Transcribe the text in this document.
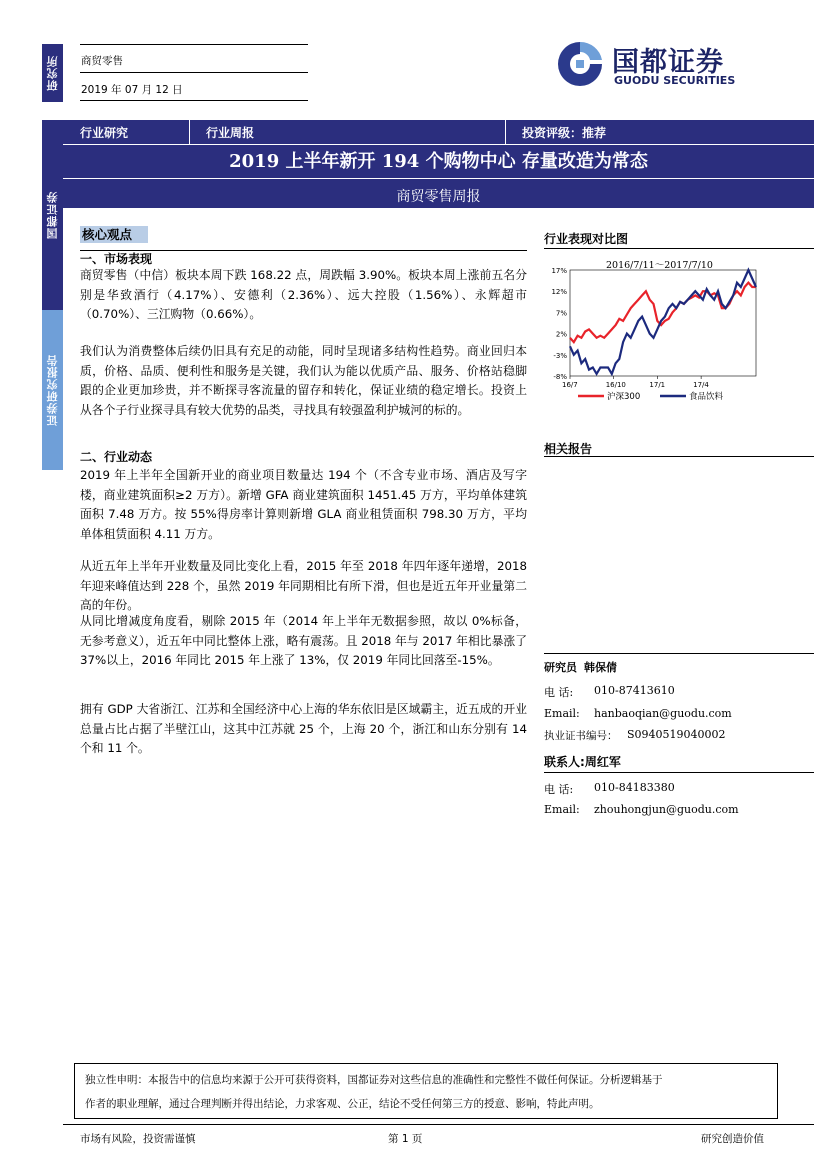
研究所
国都证券
证券研究报告
商贸零售
2019 年 07 月 12 日
国都证券
GUODU SECURITIES
行业研究	行业周报	投资评级：推荐
2019 上半年新开 194 个购物中心 存量改造为常态
商贸零售周报
核心观点
一、市场表现
商贸零售（中信）板块本周下跌 168.22 点，周跌幅 3.90%。板块本周上涨前五名分别是华致酒行（4.17%）、安德利（2.36%）、远大控股（1.56%）、永辉超市（0.70%）、三江购物（0.66%）。
我们认为消费整体后续仍旧具有充足的动能，同时呈现诸多结构性趋势。商业回归本质，价格、品质、便利性和服务是关键，我们认为能以优质产品、服务、价格站稳脚跟的企业更加珍贵，并不断探寻客流量的留存和转化，保证业绩的稳定增长。投资上从各个子行业探寻具有较大优势的品类，寻找具有较强盈利护城河的标的。
二、行业动态
2019 年上半年全国新开业的商业项目数量达 194 个（不含专业市场、酒店及写字楼，商业建筑面积≥2 万方）。新增 GFA 商业建筑面积 1451.45 万方，平均单体建筑面积 7.48 万方。按 55%得房率计算则新增 GLA 商业租赁面积 798.30 万方，平均单体租赁面积 4.11 万方。
从近五年上半年开业数量及同比变化上看，2015 年至 2018 年四年逐年递增，2018 年迎来峰值达到 228 个，虽然 2019 年同期相比有所下滑，但也是近五年开业量第二高的年份。
从同比增减度角度看，剔除 2015 年（2014 年上半年无数据参照，故以 0%标备，无参考意义），近五年中同比整体上涨，略有震荡。且 2018 年与 2017 年相比暴涨了 37%以上，2016 年同比 2015 年上涨了 13%，仅 2019 年同比回落至-15%。
拥有 GDP 大省浙江、江苏和全国经济中心上海的华东依旧是区域霸主，近五成的开业总量占比占据了半壁江山，这其中江苏就 25 个，上海 20 个，浙江和山东分别有 14 个和 11 个。
行业表现对比图
2016/7/11～2017/7/10
-8%
-3%
2%
7%
12%
17%
16/7	16/10	17/1	17/4
沪深300	食品饮料
相关报告
研究员 韩保倩
电 话: 010-87413610
Email: hanbaoqian@guodu.com
执业证书编号： S0940519040002
联系人:周红军
电 话: 010-84183380
Email: zhouhongjun@guodu.com
独立性申明：本报告中的信息均来源于公开可获得资料，国都证券对这些信息的准确性和完整性不做任何保证。分析逻辑基于
作者的职业理解，通过合理判断并得出结论，力求客观、公正，结论不受任何第三方的授意、影响，特此声明。
市场有风险，投资需谨慎	第 1 页	研究创造价值
